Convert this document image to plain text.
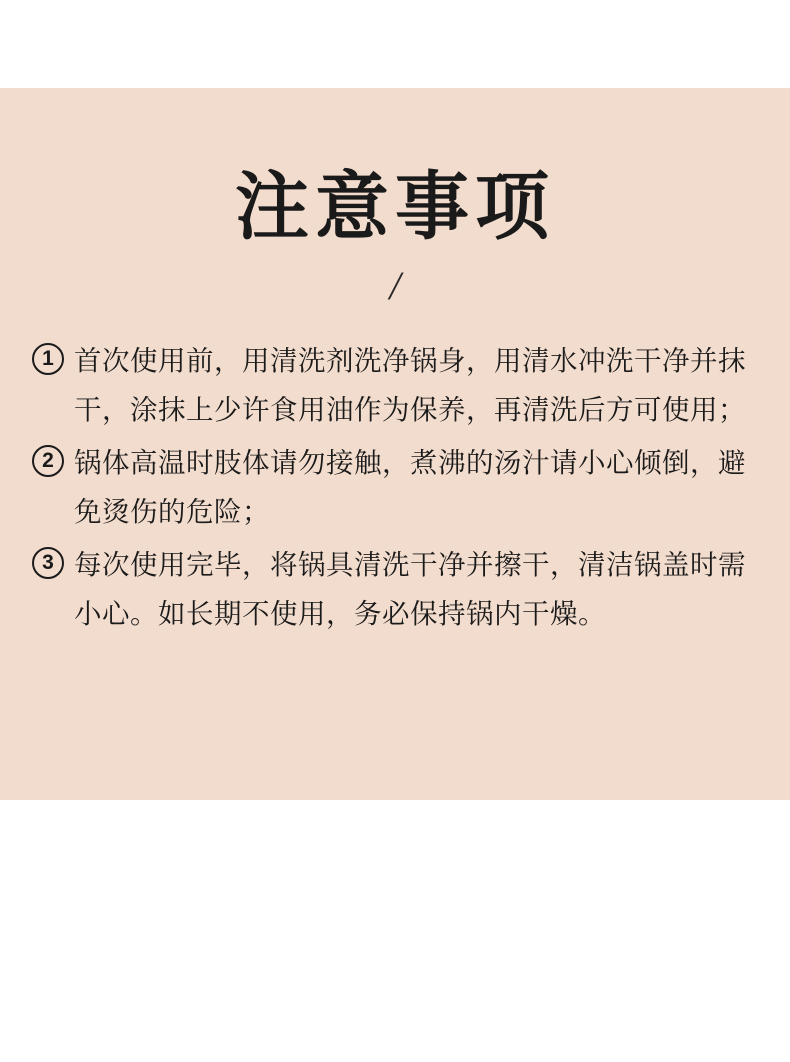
注意事项
/
1 首次使用前，用清洗剂洗净锅身，用清水冲洗干净并抹干，涂抹上少许食用油作为保养，再清洗后方可使用；
2 锅体高温时肢体请勿接触，煮沸的汤汁请小心倾倒，避免烫伤的危险；
3 每次使用完毕，将锅具清洗干净并擦干，清洁锅盖时需小心。如长期不使用，务必保持锅内干燥。
